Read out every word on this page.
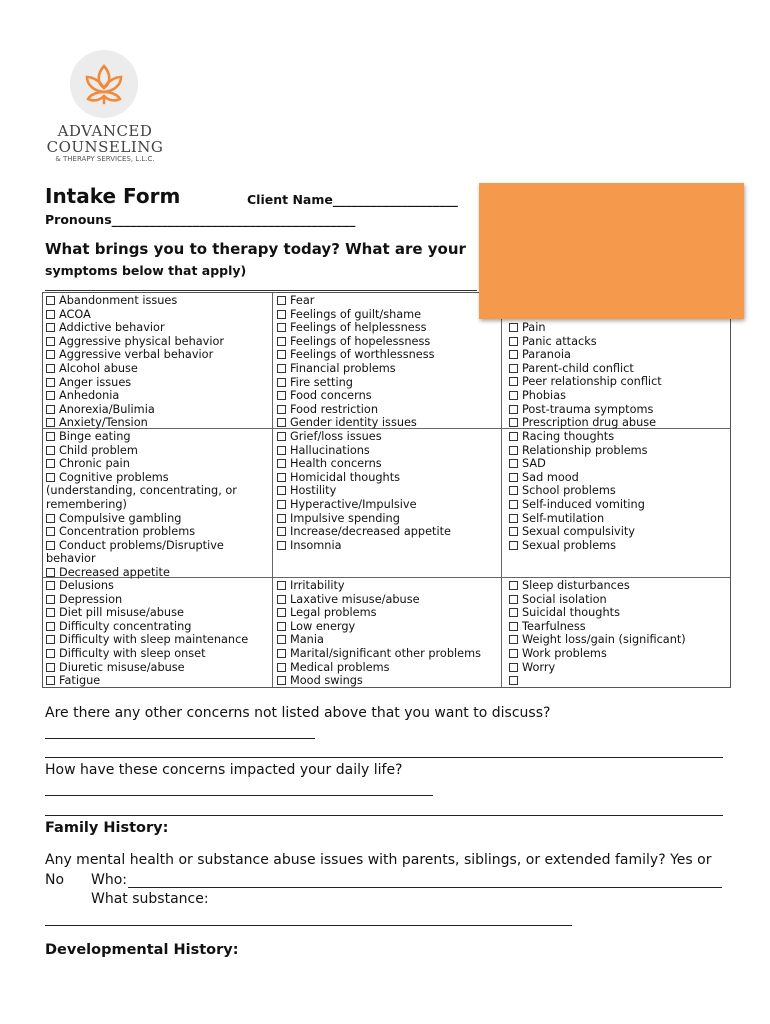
ADVANCED
COUNSELING
& THERAPY SERVICES, L.L.C.
Intake Form	Client Name____________________
Pronouns_______________________________________
What brings you to therapy today? What are your
symptoms below that apply)
Abandonment issues
ACOA
Addictive behavior
Aggressive physical behavior
Aggressive verbal behavior
Alcohol abuse
Anger issues
Anhedonia
Anorexia/Bulimia
Anxiety/Tension
Fear
Feelings of guilt/shame
Feelings of helplessness
Feelings of hopelessness
Feelings of worthlessness
Financial problems
Fire setting
Food concerns
Food restriction
Gender identity issues
Pain
Panic attacks
Paranoia
Parent-child conflict
Peer relationship conflict
Phobias
Post-trauma symptoms
Prescription drug abuse
Binge eating
Child problem
Chronic pain
Cognitive problems
(understanding, concentrating, or
remembering)
Compulsive gambling
Concentration problems
Conduct problems/Disruptive
behavior
Decreased appetite
Grief/loss issues
Hallucinations
Health concerns
Homicidal thoughts
Hostility
Hyperactive/Impulsive
Impulsive spending
Increase/decreased appetite
Insomnia
Racing thoughts
Relationship problems
SAD
Sad mood
School problems
Self-induced vomiting
Self-mutilation
Sexual compulsivity
Sexual problems
Delusions
Depression
Diet pill misuse/abuse
Difficulty concentrating
Difficulty with sleep maintenance
Difficulty with sleep onset
Diuretic misuse/abuse
Fatigue
Irritability
Laxative misuse/abuse
Legal problems
Low energy
Mania
Marital/significant other problems
Medical problems
Mood swings
Sleep disturbances
Social isolation
Suicidal thoughts
Tearfulness
Weight loss/gain (significant)
Work problems
Worry
Are there any other concerns not listed above that you want to discuss?
How have these concerns impacted your daily life?
Family History:
Any mental health or substance abuse issues with parents, siblings, or extended family? Yes or
No Who:
What substance:
Developmental History:
